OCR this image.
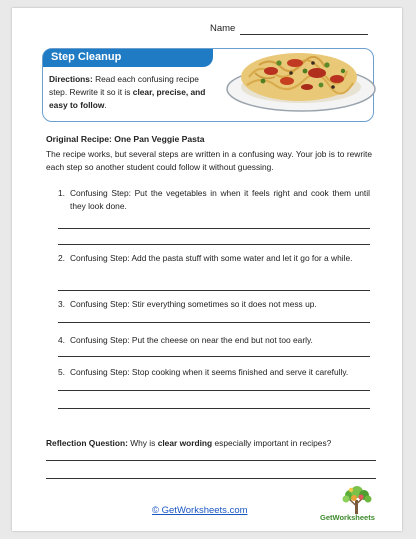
Name
Step Cleanup
Directions: Read each confusing recipe step. Rewrite it so it is clear, precise, and easy to follow.
Original Recipe: One Pan Veggie Pasta
The recipe works, but several steps are written in a confusing way. Your job is to rewrite each step so another student could follow it without guessing.
1. Confusing Step: Put the vegetables in when it feels right and cook them until they look done.
2. Confusing Step: Add the pasta stuff with some water and let it go for a while.
3. Confusing Step: Stir everything sometimes so it does not mess up.
4. Confusing Step: Put the cheese on near the end but not too early.
5. Confusing Step: Stop cooking when it seems finished and serve it carefully.
Reflection Question: Why is clear wording especially important in recipes?
© GetWorksheets.com
GetWorksheets
